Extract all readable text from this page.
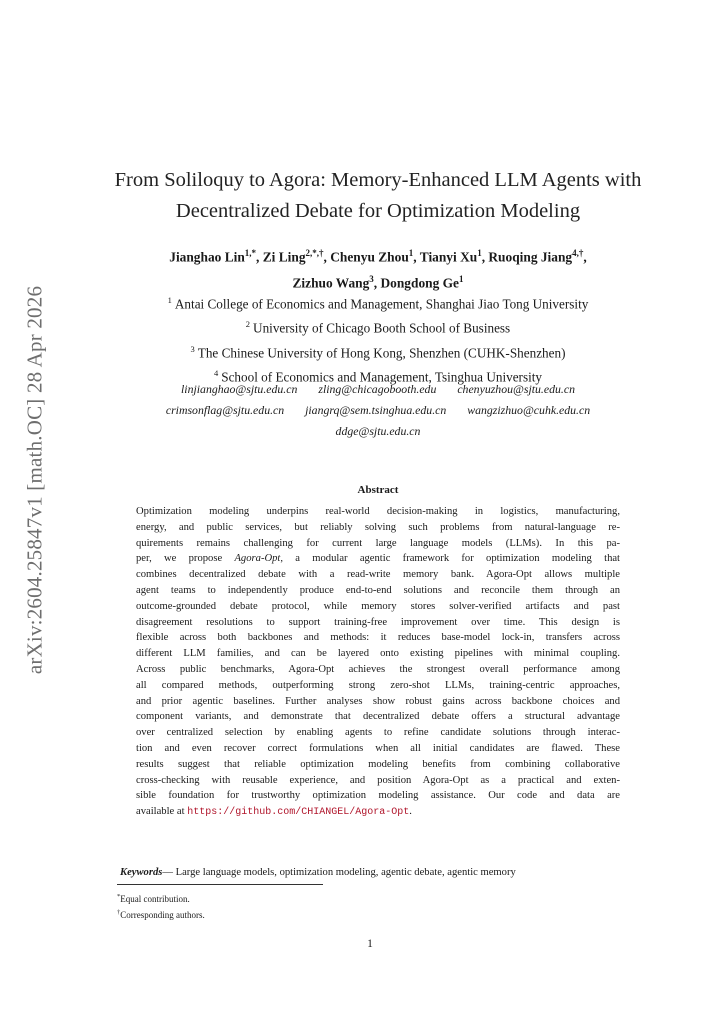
arXiv:2604.25847v1 [math.OC] 28 Apr 2026
From Soliloquy to Agora: Memory-Enhanced LLM Agents with
Decentralized Debate for Optimization Modeling
Jianghao Lin$^{1,*}$, Zi Ling$^{2,*,\dagger}$, Chenyu Zhou$^1$, Tianyi Xu$^1$, Ruoqing Jiang$^{4,\dagger}$,
Zizhuo Wang$^3$, Dongdong Ge$^1$
$^1$ Antai College of Economics and Management, Shanghai Jiao Tong University
$^2$ University of Chicago Booth School of Business
$^3$ The Chinese University of Hong Kong, Shenzhen (CUHK-Shenzhen)
$^4$ School of Economics and Management, Tsinghua University
linjianghao@sjtu.edu.cn zling@chicagobooth.edu chenyuzhou@sjtu.edu.cn
crimsonflag@sjtu.edu.cn jiangrq@sem.tsinghua.edu.cn wangzizhuo@cuhk.edu.cn
ddge@sjtu.edu.cn
Abstract
Optimization modeling underpins real-world decision-making in logistics, manufacturing,
energy, and public services, but reliably solving such problems from natural-language re-
quirements remains challenging for current large language models (LLMs). In this pa-
per, we propose Agora-Opt, a modular agentic framework for optimization modeling that
combines decentralized debate with a read-write memory bank. Agora-Opt allows multiple
agent teams to independently produce end-to-end solutions and reconcile them through an
outcome-grounded debate protocol, while memory stores solver-verified artifacts and past
disagreement resolutions to support training-free improvement over time. This design is
flexible across both backbones and methods: it reduces base-model lock-in, transfers across
different LLM families, and can be layered onto existing pipelines with minimal coupling.
Across public benchmarks, Agora-Opt achieves the strongest overall performance among
all compared methods, outperforming strong zero-shot LLMs, training-centric approaches,
and prior agentic baselines. Further analyses show robust gains across backbone choices and
component variants, and demonstrate that decentralized debate offers a structural advantage
over centralized selection by enabling agents to refine candidate solutions through interac-
tion and even recover correct formulations when all initial candidates are flawed. These
results suggest that reliable optimization modeling benefits from combining collaborative
cross-checking with reusable experience, and position Agora-Opt as a practical and exten-
sible foundation for trustworthy optimization modeling assistance. Our code and data are
available at https://github.com/CHIANGEL/Agora-Opt.
Keywords— Large language models, optimization modeling, agentic debate, agentic memory
*Equal contribution.
†Corresponding authors.
1
